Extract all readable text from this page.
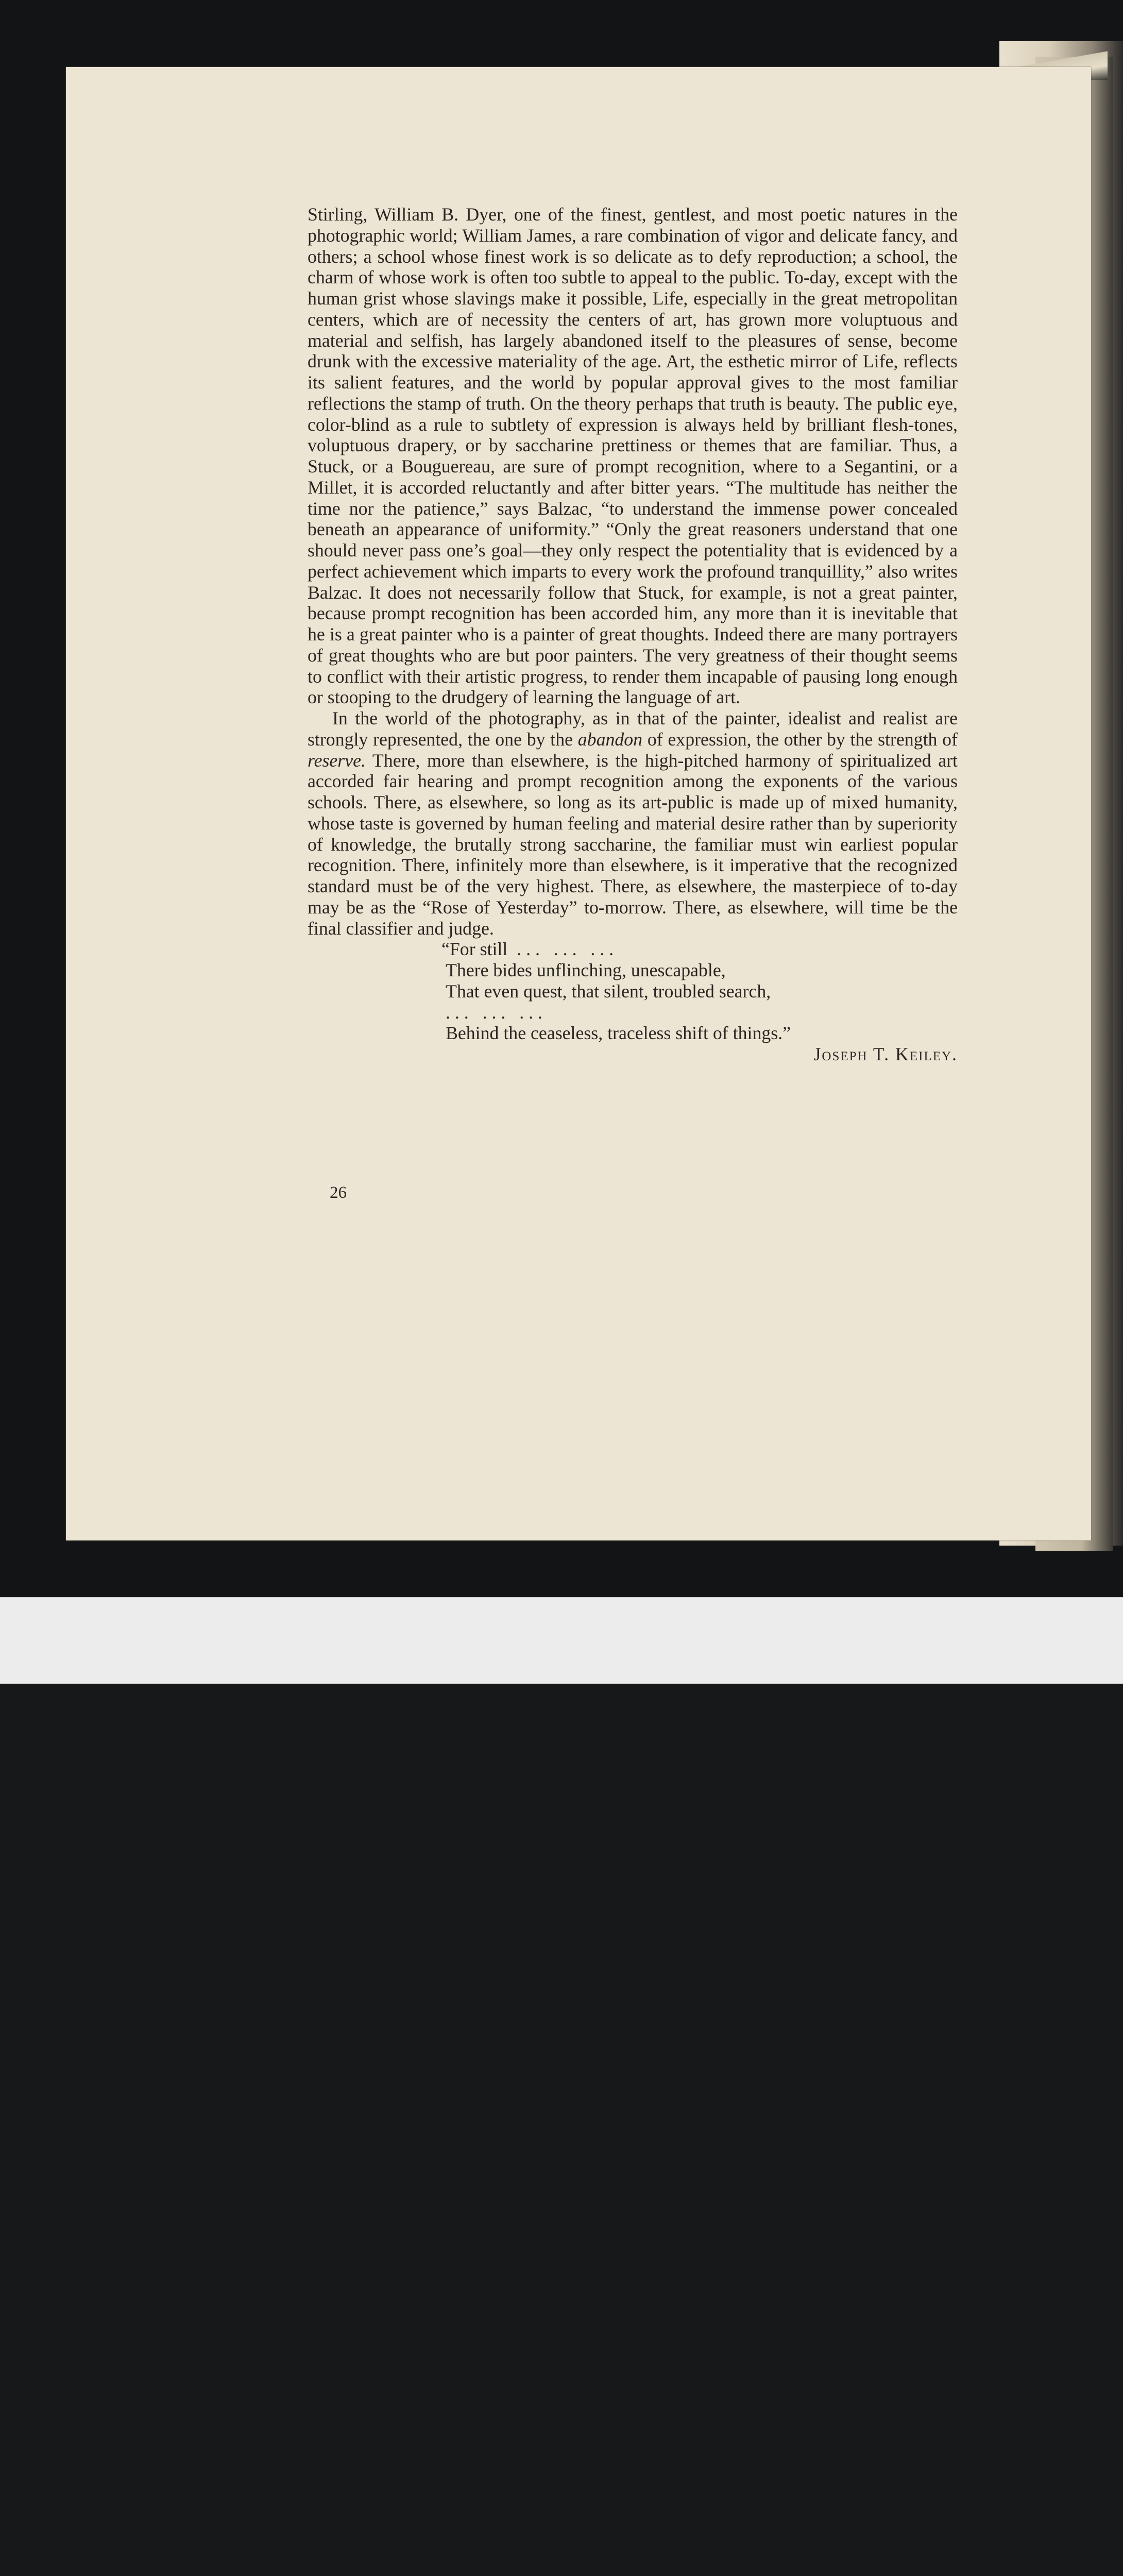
Stirling, William B. Dyer, one of the finest, gentlest, and most poetic natures in the photographic world; William James, a rare combination of vigor and delicate fancy, and others; a school whose finest work is so delicate as to defy reproduction; a school, the charm of whose work is often too subtle to appeal to the public. To-day, except with the human grist whose slavings make it possible, Life, especially in the great metropolitan centers, which are of necessity the centers of art, has grown more voluptuous and material and selfish, has largely abandoned itself to the pleasures of sense, become drunk with the excessive materiality of the age. Art, the esthetic mirror of Life, reflects its salient features, and the world by popular approval gives to the most familiar reflections the stamp of truth. On the theory perhaps that truth is beauty. The public eye, color-blind as a rule to subtlety of expression is always held by brilliant flesh-tones, voluptuous drapery, or by saccharine prettiness or themes that are familiar. Thus, a Stuck, or a Bouguereau, are sure of prompt recognition, where to a Segantini, or a Millet, it is accorded reluctantly and after bitter years. “The multitude has neither the time nor the patience,” says Balzac, “to understand the immense power concealed beneath an appearance of uniformity.” “Only the great reasoners understand that one should never pass one’s goal—they only respect the potentiality that is evidenced by a perfect achievement which imparts to every work the profound tranquillity,” also writes Balzac. It does not necessarily follow that Stuck, for example, is not a great painter, because prompt recognition has been accorded him, any more than it is inevitable that he is a great painter who is a painter of great thoughts. Indeed there are many portrayers of great thoughts who are but poor painters. The very greatness of their thought seems to conflict with their artistic progress, to render them incapable of pausing long enough or stooping to the drudgery of learning the language of art.

In the world of the photography, as in that of the painter, idealist and realist are strongly represented, the one by the abandon of expression, the other by the strength of reserve. There, more than elsewhere, is the high-pitched harmony of spiritualized art accorded fair hearing and prompt recognition among the exponents of the various schools. There, as elsewhere, so long as its art-public is made up of mixed humanity, whose taste is governed by human feeling and material desire rather than by superiority of knowledge, the brutally strong saccharine, the familiar must win earliest popular recognition. There, infinitely more than elsewhere, is it imperative that the recognized standard must be of the very highest. There, as elsewhere, the masterpiece of to-day may be as the “Rose of Yesterday” to-morrow. There, as elsewhere, will time be the final classifier and judge.

“For still  . . .   . . .   . . .
There bides unflinching, unescapable,
That even quest, that silent, troubled search,
. . .   . . .   . . .
Behind the ceaseless, traceless shift of things.”
Joseph T. Keiley.
26
